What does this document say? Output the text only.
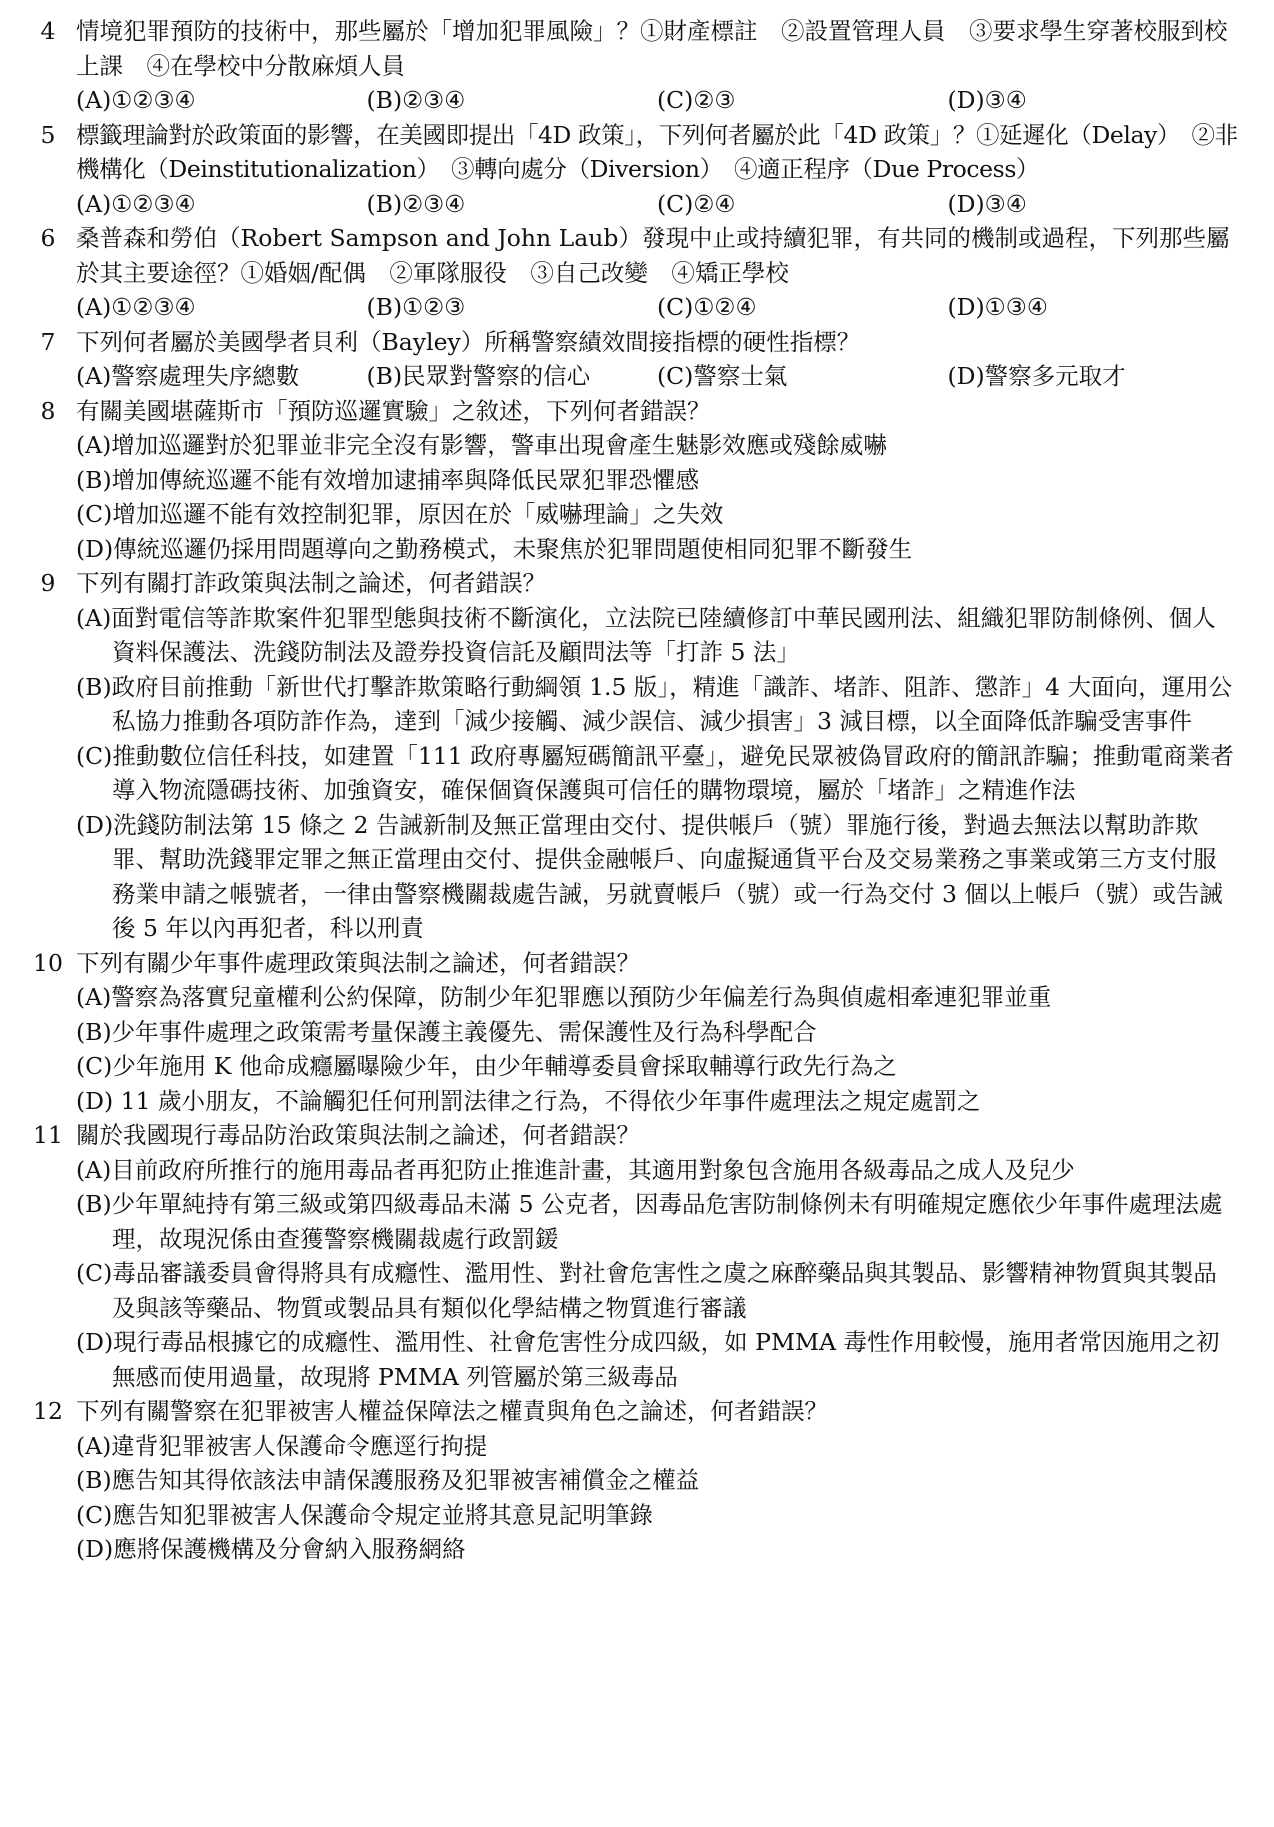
4 情境犯罪預防的技術中，那些屬於「增加犯罪風險」？①財產標註　②設置管理人員　③要求學生穿著校服到校上課　④在學校中分散麻煩人員
(A)①②③④	(B)②③④	(C)②③	(D)③④
5 標籤理論對於政策面的影響，在美國即提出「4D 政策」，下列何者屬於此「4D 政策」？①延遲化（Delay）　②非機構化（Deinstitutionalization）　③轉向處分（Diversion）　④適正程序（Due Process）
(A)①②③④	(B)②③④	(C)②④	(D)③④
6 桑普森和勞伯（Robert Sampson and John Laub）發現中止或持續犯罪，有共同的機制或過程，下列那些屬於其主要途徑？①婚姻/配偶　②軍隊服役　③自己改變　④矯正學校
(A)①②③④	(B)①②③	(C)①②④	(D)①③④
7 下列何者屬於美國學者貝利（Bayley）所稱警察績效間接指標的硬性指標？
(A)警察處理失序總數	(B)民眾對警察的信心	(C)警察士氣	(D)警察多元取才
8 有關美國堪薩斯市「預防巡邏實驗」之敘述，下列何者錯誤？
(A)增加巡邏對於犯罪並非完全沒有影響，警車出現會產生魅影效應或殘餘威嚇
(B)增加傳統巡邏不能有效增加逮捕率與降低民眾犯罪恐懼感
(C)增加巡邏不能有效控制犯罪，原因在於「威嚇理論」之失效
(D)傳統巡邏仍採用問題導向之勤務模式，未聚焦於犯罪問題使相同犯罪不斷發生
9 下列有關打詐政策與法制之論述，何者錯誤？
(A)面對電信等詐欺案件犯罪型態與技術不斷演化，立法院已陸續修訂中華民國刑法、組織犯罪防制條例、個人資料保護法、洗錢防制法及證券投資信託及顧問法等「打詐 5 法」
(B)政府目前推動「新世代打擊詐欺策略行動綱領 1.5 版」，精進「識詐、堵詐、阻詐、懲詐」4 大面向，運用公私協力推動各項防詐作為，達到「減少接觸、減少誤信、減少損害」3 減目標，以全面降低詐騙受害事件
(C)推動數位信任科技，如建置「111 政府專屬短碼簡訊平臺」，避免民眾被偽冒政府的簡訊詐騙；推動電商業者導入物流隱碼技術、加強資安，確保個資保護與可信任的購物環境，屬於「堵詐」之精進作法
(D)洗錢防制法第 15 條之 2 告誡新制及無正當理由交付、提供帳戶（號）罪施行後，對過去無法以幫助詐欺罪、幫助洗錢罪定罪之無正當理由交付、提供金融帳戶、向虛擬通貨平台及交易業務之事業或第三方支付服務業申請之帳號者，一律由警察機關裁處告誡，另就賣帳戶（號）或一行為交付 3 個以上帳戶（號）或告誡後 5 年以內再犯者，科以刑責
10 下列有關少年事件處理政策與法制之論述，何者錯誤？
(A)警察為落實兒童權利公約保障，防制少年犯罪應以預防少年偏差行為與偵處相牽連犯罪並重
(B)少年事件處理之政策需考量保護主義優先、需保護性及行為科學配合
(C)少年施用 K 他命成癮屬曝險少年，由少年輔導委員會採取輔導行政先行為之
(D) 11 歲小朋友，不論觸犯任何刑罰法律之行為，不得依少年事件處理法之規定處罰之
11 關於我國現行毒品防治政策與法制之論述，何者錯誤？
(A)目前政府所推行的施用毒品者再犯防止推進計畫，其適用對象包含施用各級毒品之成人及兒少
(B)少年單純持有第三級或第四級毒品未滿 5 公克者，因毒品危害防制條例未有明確規定應依少年事件處理法處理，故現況係由查獲警察機關裁處行政罰鍰
(C)毒品審議委員會得將具有成癮性、濫用性、對社會危害性之虞之麻醉藥品與其製品、影響精神物質與其製品及與該等藥品、物質或製品具有類似化學結構之物質進行審議
(D)現行毒品根據它的成癮性、濫用性、社會危害性分成四級，如 PMMA 毒性作用較慢，施用者常因施用之初無感而使用過量，故現將 PMMA 列管屬於第三級毒品
12 下列有關警察在犯罪被害人權益保障法之權責與角色之論述，何者錯誤？
(A)違背犯罪被害人保護命令應逕行拘提
(B)應告知其得依該法申請保護服務及犯罪被害補償金之權益
(C)應告知犯罪被害人保護命令規定並將其意見記明筆錄
(D)應將保護機構及分會納入服務網絡
